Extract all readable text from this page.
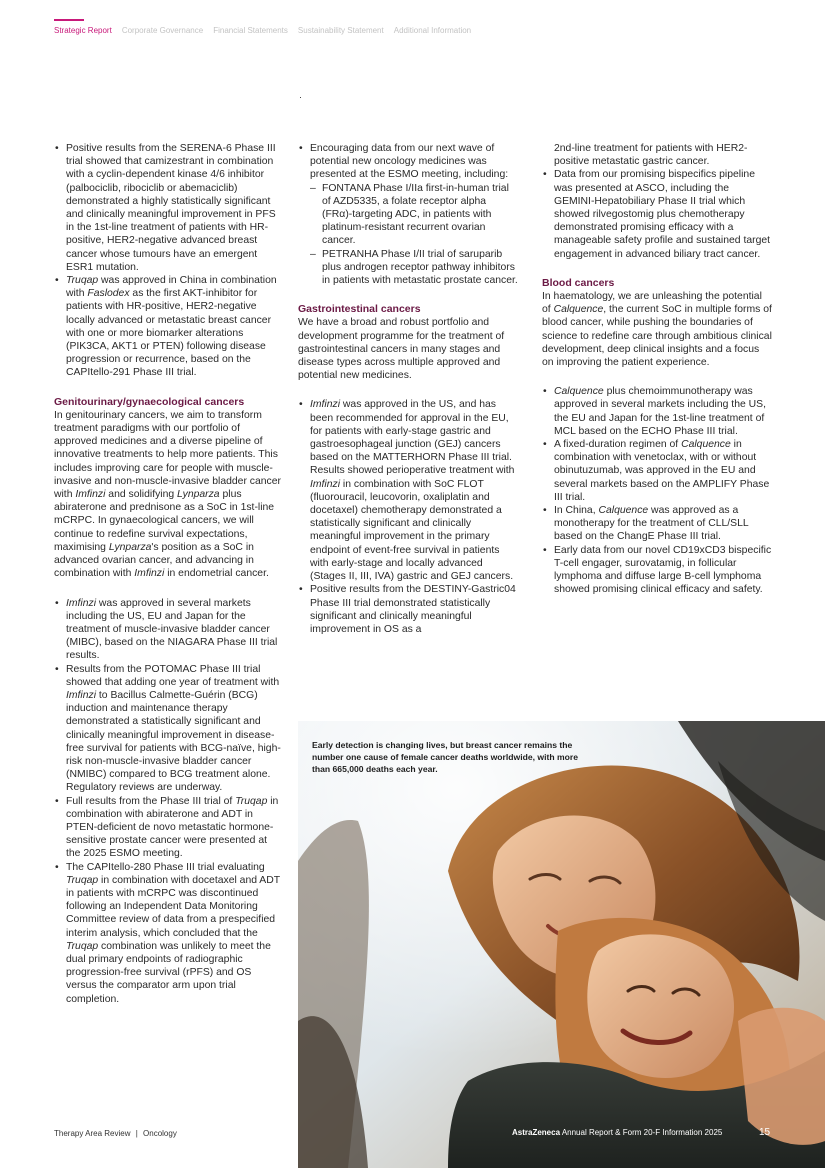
Strategic Report Corporate Governance Financial Statements Sustainability Statement Additional Information
• Positive results from the SERENA-6 Phase III trial showed that camizestrant in combination with a cyclin-dependent kinase 4/6 inhibitor (palbociclib, ribociclib or abemaciclib) demonstrated a highly statistically significant and clinically meaningful improvement in PFS in the 1st-line treatment of patients with HR-positive, HER2-negative advanced breast cancer whose tumours have an emergent ESR1 mutation.
• Truqap was approved in China in combination with Faslodex as the first AKT-inhibitor for patients with HR-positive, HER2-negative locally advanced or metastatic breast cancer with one or more biomarker alterations (PIK3CA, AKT1 or PTEN) following disease progression or recurrence, based on the CAPItello-291 Phase III trial.
Genitourinary/gynaecological cancers

In genitourinary cancers, we aim to transform treatment paradigms with our portfolio of approved medicines and a diverse pipeline of innovative treatments to help more patients. This includes improving care for people with muscle-invasive and non-muscle-invasive bladder cancer with Imfinzi and solidifying Lynparza plus abiraterone and prednisone as a SoC in 1st-line mCRPC. In gynaecological cancers, we will continue to redefine survival expectations, maximising Lynparza's position as a SoC in advanced ovarian cancer, and advancing in combination with Imfinzi in endometrial cancer.

• Imfinzi was approved in several markets including the US, EU and Japan for the treatment of muscle-invasive bladder cancer (MIBC), based on the NIAGARA Phase III trial results.
• Results from the POTOMAC Phase III trial showed that adding one year of treatment with Imfinzi to Bacillus Calmette-Guérin (BCG) induction and maintenance therapy demonstrated a statistically significant and clinically meaningful improvement in disease-free survival for patients with BCG-naïve, high-risk non-muscle-invasive bladder cancer (NMIBC) compared to BCG treatment alone. Regulatory reviews are underway.
• Full results from the Phase III trial of Truqap in combination with abiraterone and ADT in PTEN-deficient de novo metastatic hormone-sensitive prostate cancer were presented at the 2025 ESMO meeting.
• The CAPItello-280 Phase III trial evaluating Truqap in combination with docetaxel and ADT in patients with mCRPC was discontinued following an Independent Data Monitoring Committee review of data from a prespecified interim analysis, which concluded that the Truqap combination was unlikely to meet the dual primary endpoints of radiographic progression-free survival (rPFS) and OS versus the comparator arm upon trial completion.
• Encouraging data from our next wave of potential new oncology medicines was presented at the ESMO meeting, including:
– FONTANA Phase I/IIa first-in-human trial of AZD5335, a folate receptor alpha (FRα)-targeting ADC, in patients with platinum-resistant recurrent ovarian cancer.
– PETRANHA Phase I/II trial of saruparib plus androgen receptor pathway inhibitors in patients with metastatic prostate cancer.
Gastrointestinal cancers

We have a broad and robust portfolio and development programme for the treatment of gastrointestinal cancers in many stages and disease types across multiple approved and potential new medicines.

• Imfinzi was approved in the US, and has been recommended for approval in the EU, for patients with early-stage gastric and gastroesophageal junction (GEJ) cancers based on the MATTERHORN Phase III trial. Results showed perioperative treatment with Imfinzi in combination with SoC FLOT (fluorouracil, leucovorin, oxaliplatin and docetaxel) chemotherapy demonstrated a statistically significant and clinically meaningful improvement in the primary endpoint of event-free survival in patients with early-stage and locally advanced (Stages II, III, IVA) gastric and GEJ cancers.
• Positive results from the DESTINY-Gastric04 Phase III trial demonstrated statistically significant and clinically meaningful improvement in OS as a

2nd-line treatment for patients with HER2-positive metastatic gastric cancer.

• Data from our promising bispecifics pipeline was presented at ASCO, including the GEMINI-Hepatobiliary Phase II trial which showed rilvegostomig plus chemotherapy demonstrated promising efficacy with a manageable safety profile and sustained target engagement in advanced biliary tract cancer.
Blood cancers

In haematology, we are unleashing the potential of Calquence, the current SoC in multiple forms of blood cancer, while pushing the boundaries of science to redefine care through ambitious clinical development, deep clinical insights and a focus on improving the patient experience.

• Calquence plus chemoimmunotherapy was approved in several markets including the US, the EU and Japan for the 1st-line treatment of MCL based on the ECHO Phase III trial.
• A fixed-duration regimen of Calquence in combination with venetoclax, with or without obinutuzumab, was approved in the EU and several markets based on the AMPLIFY Phase III trial.
• In China, Calquence was approved as a monotherapy for the treatment of CLL/SLL based on the ChangE Phase III trial.
• Early data from our novel CD19xCD3 bispecific T-cell engager, surovatamig, in follicular lymphoma and diffuse large B-cell lymphoma showed promising clinical efficacy and safety.
Early detection is changing lives, but breast cancer remains the number one cause of female cancer deaths worldwide, with more than 665,000 deaths each year.
Therapy Area Review | Oncology	AstraZeneca Annual Report & Form 20-F Information 2025	15
